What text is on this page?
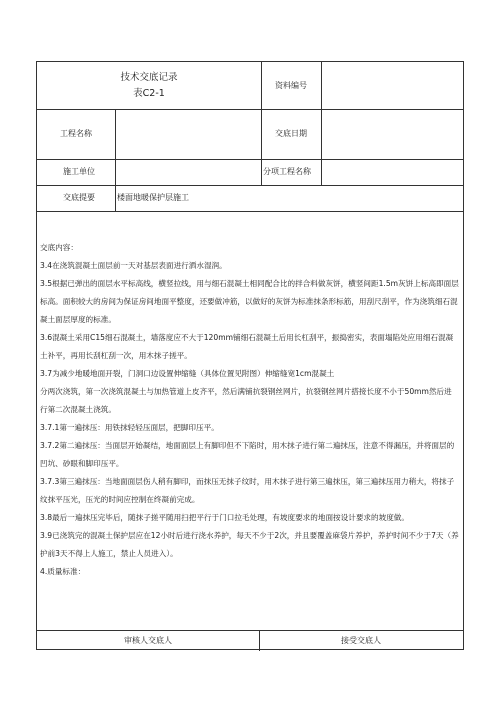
技术交底记录
表C2-1
资料编号
工程名称	交底日期
施工单位	分项工程名称
交底提要	楼面地暖保护层施工

交底内容：

3.4在浇筑混凝土面层前一天对基层表面进行洒水湿润。

3.5根据已弹出的面层水平标高线，横竖拉线，用与细石混凝土相同配合比的拌合料做灰饼，横竖间距1.5m灰饼上标高即面层标高。面积较大的房间为保证房间地面平整度，还要做冲筋，以做好的灰饼为标准抹条形标筋，用刮尺刮平，作为浇筑细石混凝土面层厚度的标准。

3.6混凝土采用C15细石混凝土，墙落度应不大于120mm铺细石混凝土后用长杠刮平，振捣密实，表面塌陷处应用细石混凝土补平，再用长刮杠刮一次，用木抹子搓平。

3.7为减少地暖地面开裂，门洞口边设置伸缩缝（具体位置见附图）伸缩缝宽1cm混凝土

分两次浇筑，第一次浇筑混凝土与加热管道上皮齐平，然后满铺抗裂钢丝网片，抗裂钢丝网片搭接长度不小于50mm然后进行第二次混凝土浇筑。

3.7.1第一遍抹压：用铁抹轻轻压面层，把脚印压平。

3.7.2第二遍抹压：当面层开始凝结，地面面层上有脚印但不下陷时，用木抹子进行第二遍抹压，注意不得漏压，并将面层的凹坑、砂眼和脚印压平。

3.7.3第三遍抹压：当地面面层伤人稍有脚印，而抹压无抹子纹时，用木抹子进行第三遍抹压，第三遍抹压用力稍大，将抹子纹抹平压光，压光的时间应控制在终凝前完成。

3.8最后一遍抹压完毕后，随抹子搓平随用扫把平行于门口拉毛处理，有坡度要求的地面按设计要求的坡度做。

3.9已浇筑完的混凝土保护层应在12小时后进行浇水养护，每天不少于2次，并且要覆盖麻袋片养护，养护时间不少于7天（养护前3天不得上人施工，禁止人员进入）。

4.质量标准：

审核人交底人	接受交底人
